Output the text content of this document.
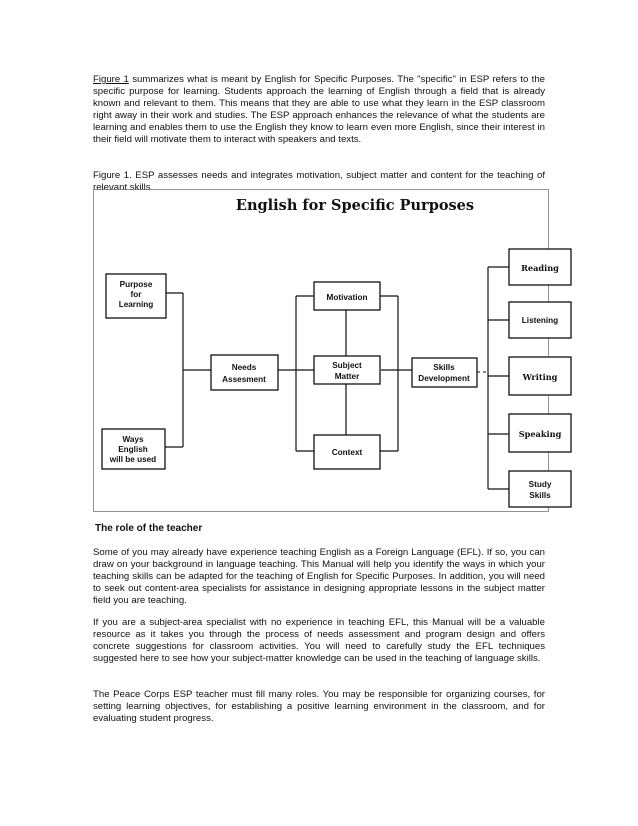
Figure 1 summarizes what is meant by English for Specific Purposes. The "specific" in ESP refers to the specific purpose for learning. Students approach the learning of English through a field that is already known and relevant to them. This means that they are able to use what they learn in the ESP classroom right away in their work and studies. The ESP approach enhances the relevance of what the students are learning and enables them to use the English they know to learn even more English, since their interest in their field will motivate them to interact with speakers and texts.

Figure 1. ESP assesses needs and integrates motivation, subject matter and content for the teaching of relevant skills

English for Specific Purposes
Purpose
for
Learning
Ways
English
will be used
Needs
Assesment
Motivation
Subject
Matter
Context
Skills
Development
Reading
Listening
Writing
Speaking
Study
Skills

The role of the teacher

Some of you may already have experience teaching English as a Foreign Language (EFL). If so, you can draw on your background in language teaching. This Manual will help you identify the ways in which your teaching skills can be adapted for the teaching of English for Specific Purposes. In addition, you will need to seek out content-area specialists for assistance in designing appropriate lessons in the subject matter field you are teaching.

If you are a subject-area specialist with no experience in teaching EFL, this Manual will be a valuable resource as it takes you through the process of needs assessment and program design and offers concrete suggestions for classroom activities. You will need to carefully study the EFL techniques suggested here to see how your subject-matter knowledge can be used in the teaching of language skills.

The Peace Corps ESP teacher must fill many roles. You may be responsible for organizing courses, for setting learning objectives, for establishing a positive learning environment in the classroom, and for evaluating student progress.
